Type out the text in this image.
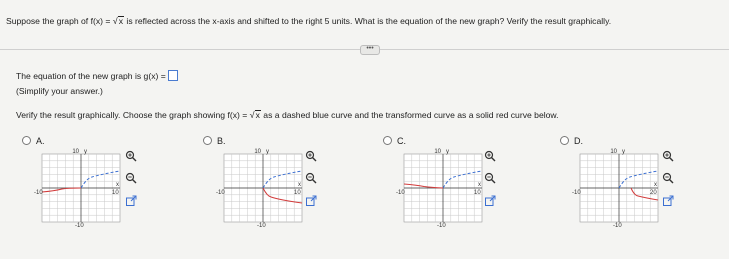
Suppose the graph of f(x) = √x is reflected across the x-axis and shifted to the right 5 units. What is the equation of the new graph? Verify the result graphically.
•••
The equation of the new graph is g(x) =
(Simplify your answer.)
Verify the result graphically. Choose the graph showing f(x) = √x as a dashed blue curve and the transformed curve as a solid red curve below.
A.
10 y
-10	10
x
-10
B.
10 y
-10	10
x
-10
C.
10 y
-10	10
x
-10
D.
10 y
-10	20
x
-10
